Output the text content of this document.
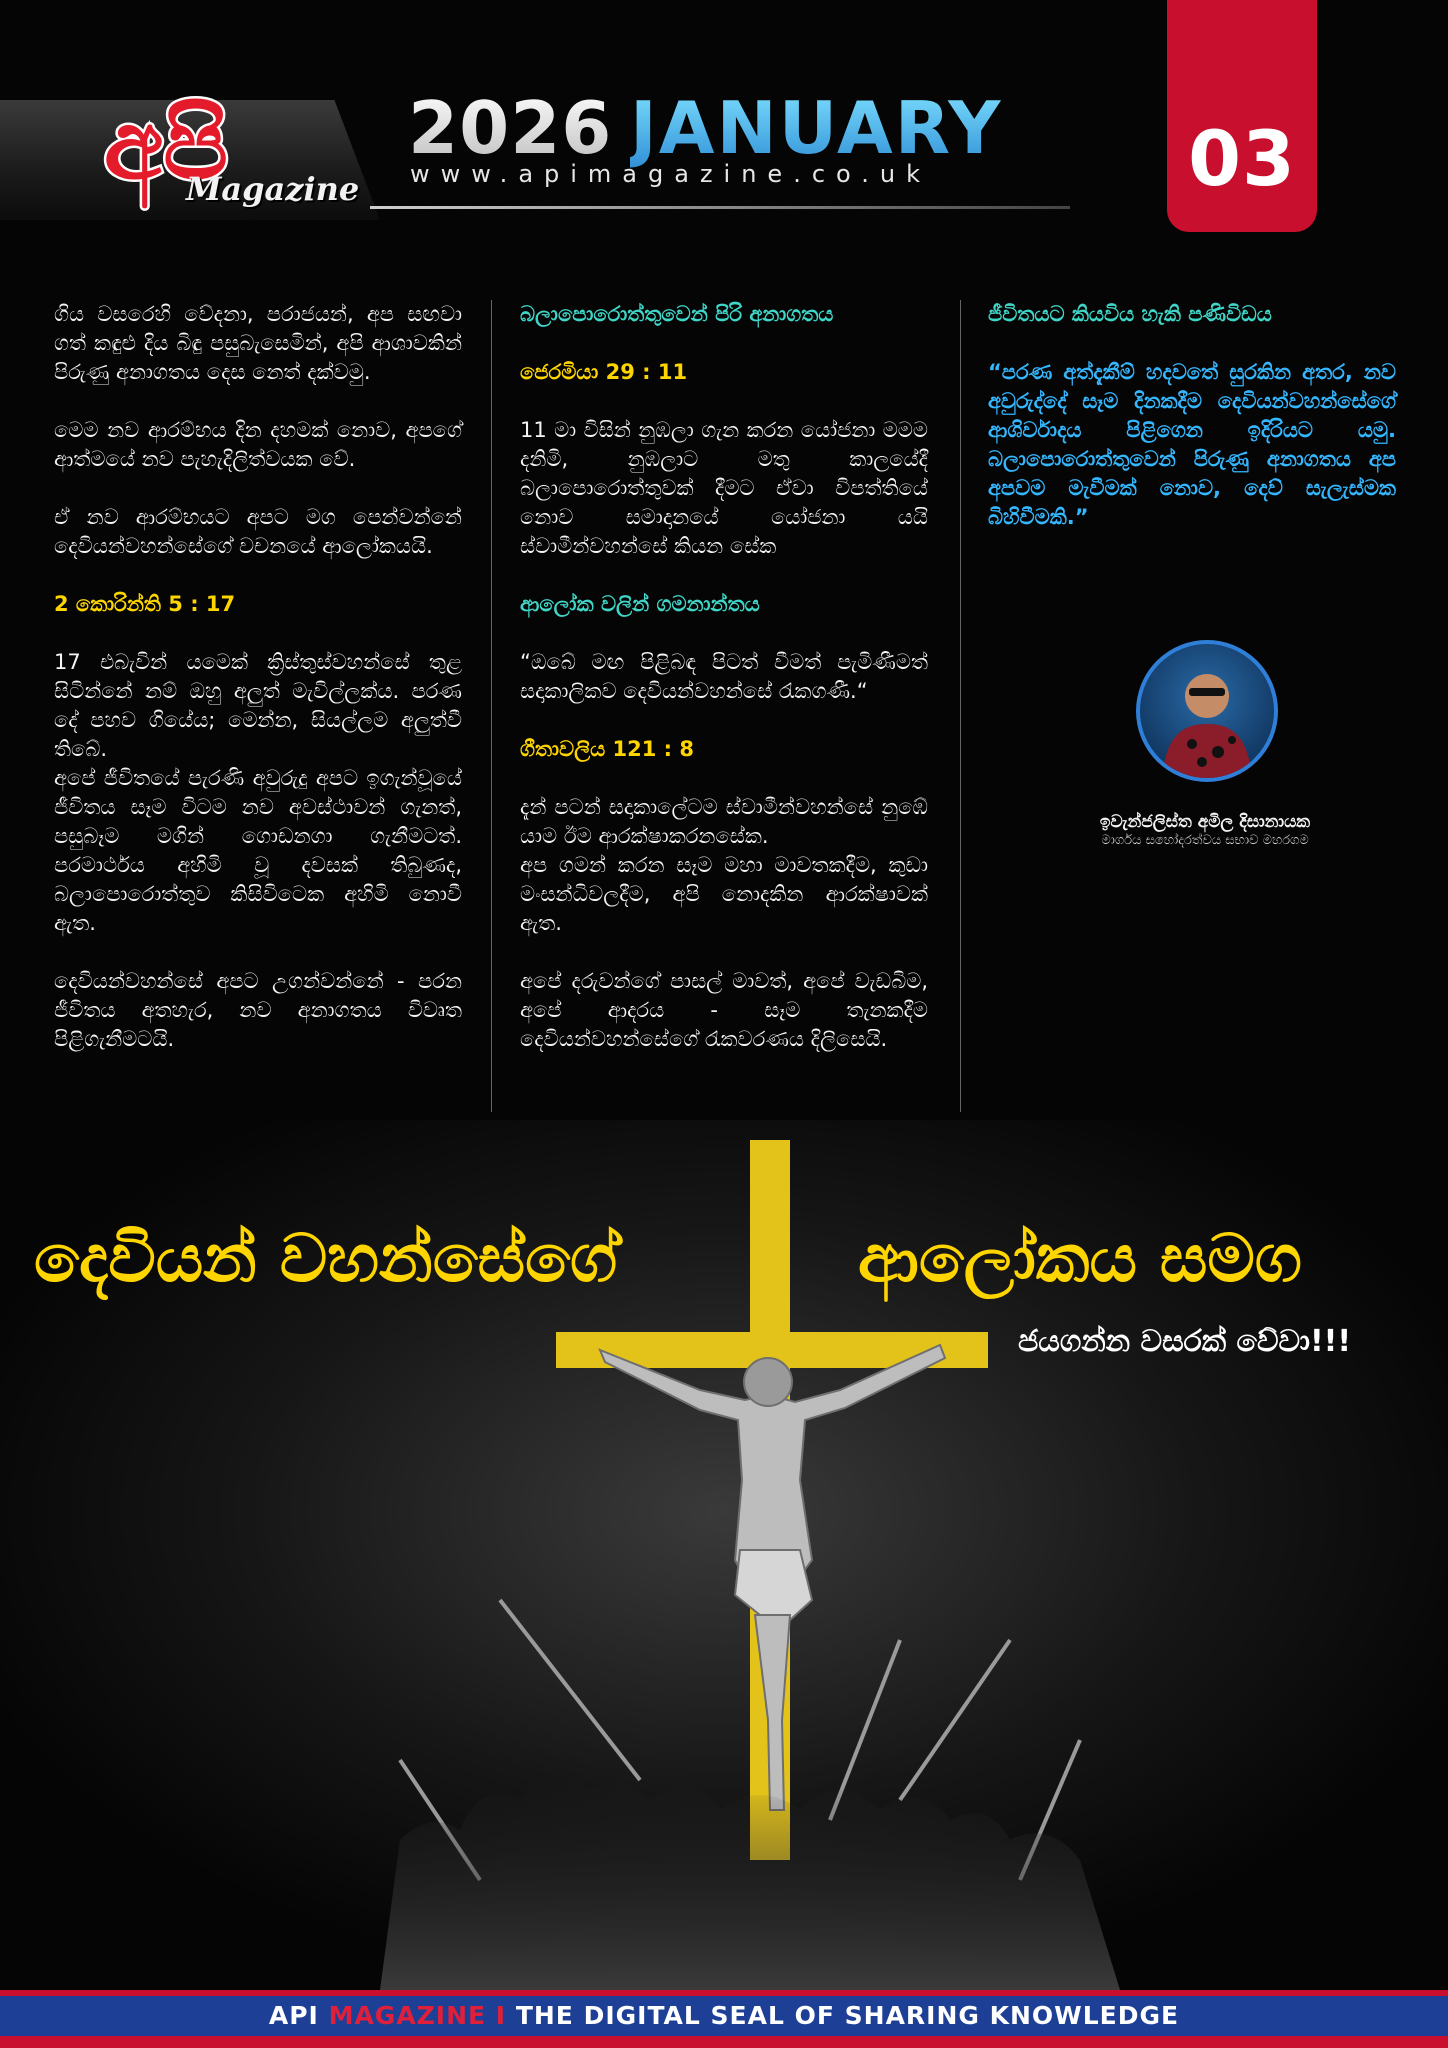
අපි
Magazine
2026 JANUARY
www.apimagazine.co.uk	03

ගිය වසරෙහි වේදනා, පරාජයන්, අප සඟවා ගත් කඳුළු දිය බිඳු පසුබැසෙමින්, අපි ආශාවකින් පිරුණු අනාගතය දෙස නෙත් දක්වමු.

මෙම නව ආරම්භය දින දහමක් නොව, අපගේ ආත්මයේ නව පැහැදිලිත්වයක වේ.

ඒ නව ආරම්භයට අපට මග පෙන්වන්නේ දෙවියන්වහන්සේගේ වචනයේ ආලෝකයයි.

2 කොරින්ති 5 : 17

17 එබැවින් යමෙක් ක්‍රිස්තුස්වහන්සේ තුළ සිටින්නේ නම් ඔහු අලුත් මැවිල්ලක්ය. පරණ දේ පහව ගියේය; මෙන්න, සියල්ලම අලුත්වී තිබේ.

අපේ ජීවිතයේ පැරණි අවුරුදු අපට ඉගැන්වූයේ ජීවිතය සෑම විටම නව අවස්ථාවන් ගැනත්, පසුබෑම මගින් ගොඩනගා ගැනීමටත්. පරමාර්ථය අහිමි වූ දවසක් තිබුණද, බලාපොරොත්තුව කිසිවිටෙක අහිමි නොවී ඇත.

දෙවියන්වහන්සේ අපට උගන්වන්නේ - පරන ජීවිතය අතහැර, නව අනාගතය විවෘත පිළිගැනීමටයි.

බලාපොරොත්තුවෙන් පිරි අනාගතය

ජෙරමියා 29 : 11

11 මා විසින් නුඹලා ගැන කරන යෝජනා මමම දනිමි, නුඹලාට මතු කාලයේදී බලාපොරොත්තුවක් දීමට ඒවා විපත්තියේ නොව සමාදානයේ යෝජනා යයි ස්වාමීන්වහන්සේ කියන සේක

ආලෝක වලින් ගමනාන්තය

“ඔබේ මඟ පිළිබඳ පිටත් වීමත් පැමිණීමත් සදාකාලිකව දෙවියන්වහන්සේ රැකගණී.“

ගීතාවලිය 121 : 8

දැන් පටන් සදාකාලේටම ස්වාමීන්වහන්සේ නුඹේ යාම ඊම ආරක්ෂාකරනසේක.
අප ගමන් කරන සෑම මහා මාවතකදීම, කුඩා මංසන්ධිවලදීම, අපි නොදකින ආරක්ෂාවක් ඇත.

අපේ දරුවන්ගේ පාසල් මාවත්, අපේ වැඩබිම, අපේ ආදරය - සෑම තැනකදීම දෙවියන්වහන්සේගේ රැකවරණය දිලිසෙයි.

ජීවිතයට කියවිය හැකි පණිවිඩය

“පරණ අත්දැකීම් හදවතේ සුරකින අතර, නව අවුරුද්දේ සෑම දිනකදීම දෙවියන්වහන්සේගේ ආශිර්වාදය පිළිගෙන ඉදිරියට යමු. බලාපොරොත්තුවෙන් පිරුණු අනාගතය අප අපවම මැවීමක් නොව, දෙව් සැලැස්මක බිහිවීමකි.”

ඉවැන්ජලිස්ත අමිල දිසානායක
මාර්ගය සහෝදරත්වය සභාව මහරගම
දෙවියන් වහන්සේගේ	ආලෝකය සමග
ජයගන්න වසරක් වේවා!!!
API MAGAZINE I THE DIGITAL SEAL OF SHARING KNOWLEDGE
